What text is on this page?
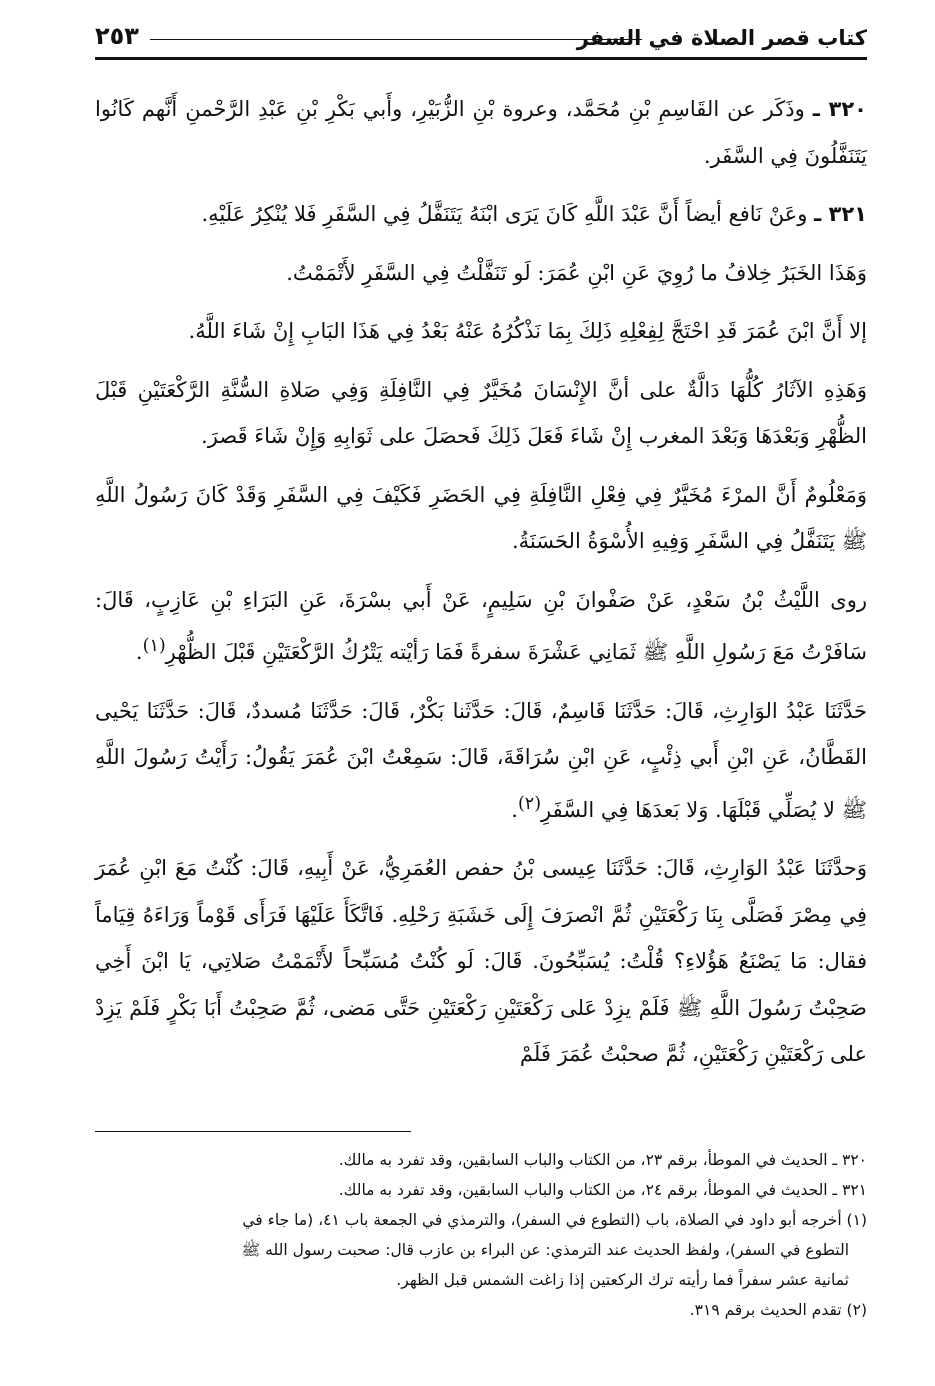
كتاب قصر الصلاة في السفر
٢٥٣

٣٢٠ ـ وذَكَر عن القَاسِمِ بْنِ مُحَمَّد، وعروة بْنِ الزُّبَيْرِ، وأَبي بَكْرِ بْنِ عَبْدِ الرَّحْمنِ أَنَّهم كَانُوا يَتَنَفَّلُونَ فِي السَّفَر.

٣٢١ ـ وعَنْ نَافع أيضاً أَنَّ عَبْدَ اللَّهِ كَانَ يَرَى ابْنَهُ يَتَنَفَّلُ فِي السَّفَرِ فَلا يُنْكِرُ عَلَيْهِ.

وَهَذَا الخَبَرُ خِلافُ ما رُوِيَ عَنِ ابْنِ عُمَرَ: لَو تَنَفَّلْتُ فِي السَّفَرِ لأَتْمَمْتُ.

إلا أَنَّ ابْنَ عُمَرَ قَدِ احْتَجَّ لِفِعْلِهِ ذَلِكَ بِمَا نَذْكُرُهُ عَنْهُ بَعْدُ فِي هَذَا البَابِ إِنْ شَاءَ اللَّهُ.

وَهَذِهِ الآثَارُ كُلُّهَا دَالَّةٌ على أنَّ الإِنْسَانَ مُخَيَّرٌ فِي النَّافِلَةِ وَفِي صَلاةِ السُّنَّةِ الرَّكْعَتَيْنِ قَبْلَ الظُّهْرِ وَبَعْدَهَا وَبَعْدَ المغرب إِنْ شَاءَ فَعَلَ ذَلِكَ فَحصَلَ على ثَوَابِهِ وَإِنْ شَاءَ قَصرَ.

وَمَعْلُومٌ أَنَّ المرْءَ مُخَيَّرٌ فِي فِعْلِ النَّافِلَةِ فِي الحَضَرِ فَكَيْفَ فِي السَّفَرِ وَقَدْ كَانَ رَسُولُ اللَّهِ ﷺ يَتَنَفَّلُ فِي السَّفَرِ وَفِيهِ الأُسْوَةُ الحَسَنَةُ.

روى اللَّيْثُ بْنُ سَعْدٍ، عَنْ صَفْوانَ بْنِ سَلِيمٍ، عَنْ أَبي بسْرَةَ، عَنِ البَرَاءِ بْنِ عَازِبٍ، قَالَ: سَافَرْتُ مَعَ رَسُولِ اللَّهِ ﷺ ثَمَانِي عَشْرَةَ سفرةً فَمَا رَأيْته يَتْرُكُ الرَّكْعَتَيْنِ قَبْلَ الظُّهْرِ$^{(١)}$.

حَدَّثَنَا عَبْدُ الوَارِثِ، قَالَ: حَدَّثَنَا قَاسِمٌ، قَالَ: حَدَّثَنا بَكْرٌ، قَالَ: حَدَّثَنَا مُسددٌ، قَالَ: حَدَّثَنَا يَحْيى القَطَّانُ، عَنِ ابْنِ أَبي ذِئْبٍ، عَنِ ابْنِ سُرَاقَةَ، قَالَ: سَمِعْتُ ابْنَ عُمَرَ يَقُولُ: رَأَيْتُ رَسُولَ اللَّهِ ﷺ لا يُصَلِّي قَبْلَهَا. وَلا بَعدَهَا فِي السَّفَرِ$^{(٢)}$.

وَحدَّثَنَا عَبْدُ الوَارِثِ، قَالَ: حَدَّثَنَا عِيسى بْنُ حفص العُمَرِيُّ، عَنْ أَبِيهِ، قَالَ: كُنْتُ مَعَ ابْنِ عُمَرَ فِي مِصْرَ فَصَلَّى بِنَا رَكْعَتَيْنِ ثُمَّ انْصرَفَ إِلَى خَشَبَةِ رَحْلِهِ. فَاتَّكَأَ عَلَيْهَا فَرَأَى قَوْماً وَرَاءَهُ قِيَاماً فقال: مَا يَصْنَعُ هَؤُلاءِ؟ قُلْتُ: يُسَبِّحُونَ. قَالَ: لَو كُنْتُ مُسَبِّحاً لأَتْمَمْتُ صَلاتِي، يَا ابْنَ أَخِي صَحِبْتُ رَسُولَ اللَّهِ ﷺ فَلَمْ يزِدْ عَلى رَكْعَتَيْنِ رَكْعَتَيْنِ حَتَّى مَضى، ثُمَّ صَحِبْتُ أَبَا بَكْرٍ فَلَمْ يَزِدْ على رَكْعَتَيْنِ رَكْعَتَيْنِ، ثُمَّ صحبْتُ عُمَرَ فَلَمْ

٣٢٠ ـ الحديث في الموطأ، برقم ٢٣، من الكتاب والباب السابقين، وقد تفرد به مالك.

٣٢١ ـ الحديث في الموطأ، برقم ٢٤، من الكتاب والباب السابقين، وقد تفرد به مالك.

(١) أخرجه أبو داود في الصلاة، باب (التطوع في السفر)، والترمذي في الجمعة باب ٤١، (ما جاء في

التطوع في السفر)، ولفظ الحديث عند الترمذي: عن البراء بن عازب قال: صحبت رسول الله ﷺ

ثمانية عشر سفراً فما رأيته ترك الركعتين إذا زاغت الشمس قبل الظهر.

(٢) تقدم الحديث برقم ٣١٩.
